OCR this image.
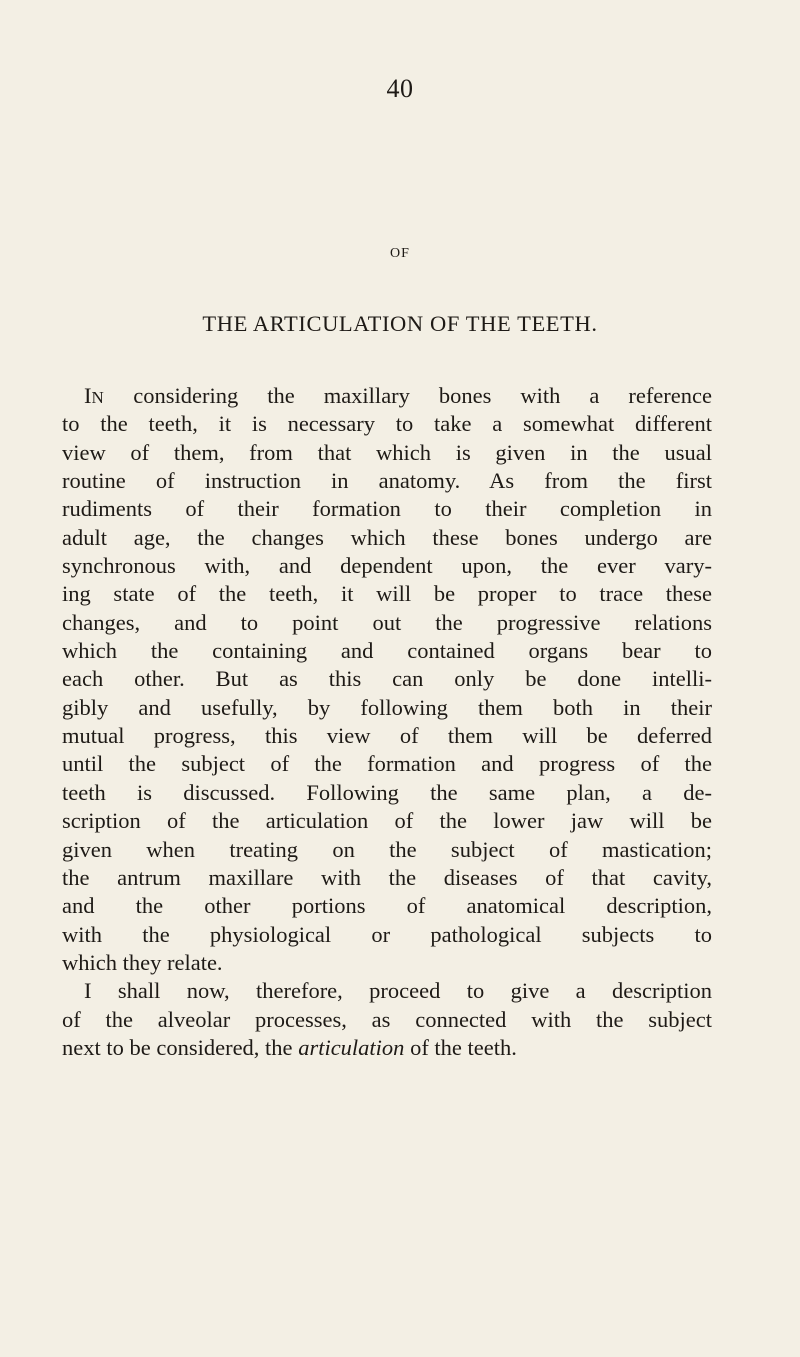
40
OF
THE ARTICULATION OF THE TEETH.
IN considering the maxillary bones with a reference
to the teeth, it is necessary to take a somewhat different
view of them, from that which is given in the usual
routine of instruction in anatomy. As from the first
rudiments of their formation to their completion in
adult age, the changes which these bones undergo are
synchronous with, and dependent upon, the ever vary-
ing state of the teeth, it will be proper to trace these
changes, and to point out the progressive relations
which the containing and contained organs bear to
each other. But as this can only be done intelli-
gibly and usefully, by following them both in their
mutual progress, this view of them will be deferred
until the subject of the formation and progress of the
teeth is discussed. Following the same plan, a de-
scription of the articulation of the lower jaw will be
given when treating on the subject of mastication;
the antrum maxillare with the diseases of that cavity,
and the other portions of anatomical description,
with the physiological or pathological subjects to
which they relate.
I shall now, therefore, proceed to give a description
of the alveolar processes, as connected with the subject
next to be considered, the articulation of the teeth.
